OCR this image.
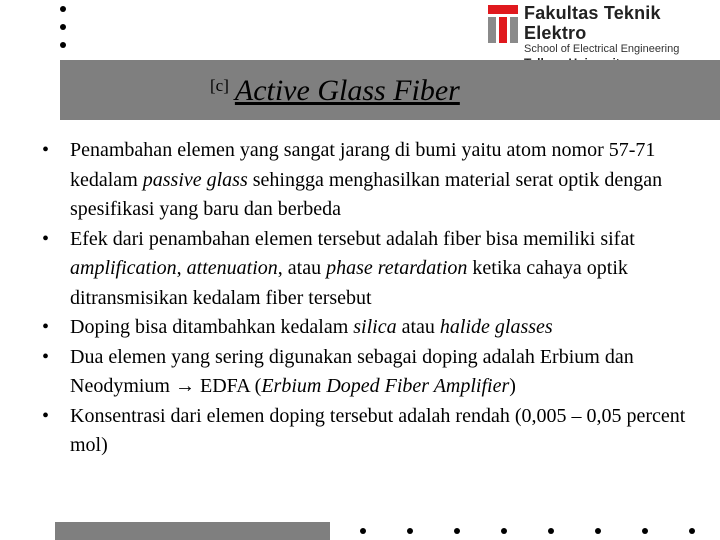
Fakultas Teknik Elektro
School of Electrical Engineering
[c] Active Glass Fiber
• Penambahan elemen yang sangat jarang di bumi yaitu atom nomor 57-71 kedalam passive glass sehingga menghasilkan material serat optik dengan spesifikasi yang baru dan berbeda
• Efek dari penambahan elemen tersebut adalah fiber bisa memiliki sifat amplification, attenuation, atau phase retardation ketika cahaya optik ditransmisikan kedalam fiber tersebut
• Doping bisa ditambahkan kedalam silica atau halide glasses
• Dua elemen yang sering digunakan sebagai doping adalah Erbium dan Neodymium → EDFA (Erbium Doped Fiber Amplifier)
• Konsentrasi dari elemen doping tersebut adalah rendah (0,005 – 0,05 percent mol)
